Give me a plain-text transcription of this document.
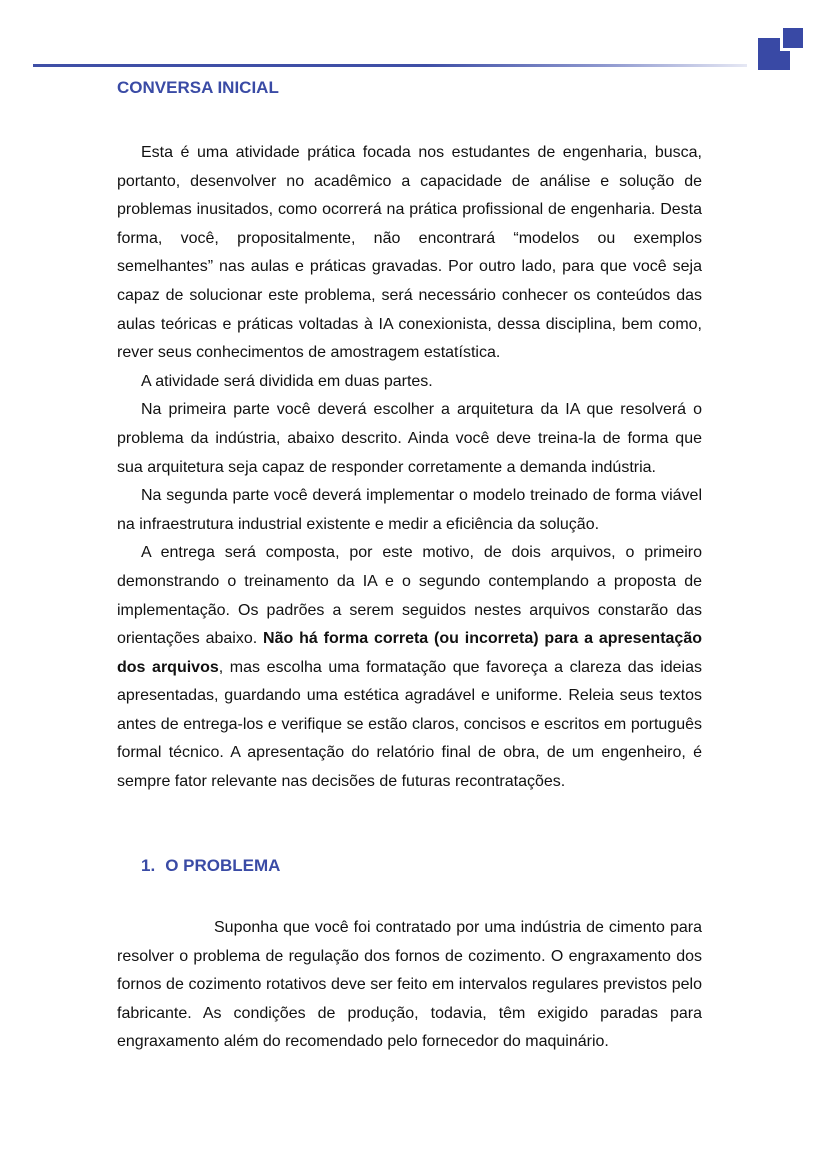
CONVERSA INICIAL

Esta é uma atividade prática focada nos estudantes de engenharia, busca, portanto, desenvolver no acadêmico a capacidade de análise e solução de problemas inusitados, como ocorrerá na prática profissional de engenharia. Desta forma, você, propositalmente, não encontrará “modelos ou exemplos semelhantes” nas aulas e práticas gravadas. Por outro lado, para que você seja capaz de solucionar este problema, será necessário conhecer os conteúdos das aulas teóricas e práticas voltadas à IA conexionista, dessa disciplina, bem como, rever seus conhecimentos de amostragem estatística.

A atividade será dividida em duas partes.

Na primeira parte você deverá escolher a arquitetura da IA que resolverá o problema da indústria, abaixo descrito. Ainda você deve treina-la de forma que sua arquitetura seja capaz de responder corretamente a demanda indústria.

Na segunda parte você deverá implementar o modelo treinado de forma viável na infraestrutura industrial existente e medir a eficiência da solução.

A entrega será composta, por este motivo, de dois arquivos, o primeiro demonstrando o treinamento da IA e o segundo contemplando a proposta de implementação. Os padrões a serem seguidos nestes arquivos constarão das orientações abaixo. Não há forma correta (ou incorreta) para a apresentação dos arquivos, mas escolha uma formatação que favoreça a clareza das ideias apresentadas, guardando uma estética agradável e uniforme. Releia seus textos antes de entrega-los e verifique se estão claros, concisos e escritos em português formal técnico. A apresentação do relatório final de obra, de um engenheiro, é sempre fator relevante nas decisões de futuras recontratações.

1. O PROBLEMA

Suponha que você foi contratado por uma indústria de cimento para resolver o problema de regulação dos fornos de cozimento. O engraxamento dos fornos de cozimento rotativos deve ser feito em intervalos regulares previstos pelo fabricante. As condições de produção, todavia, têm exigido paradas para engraxamento além do recomendado pelo fornecedor do maquinário.
